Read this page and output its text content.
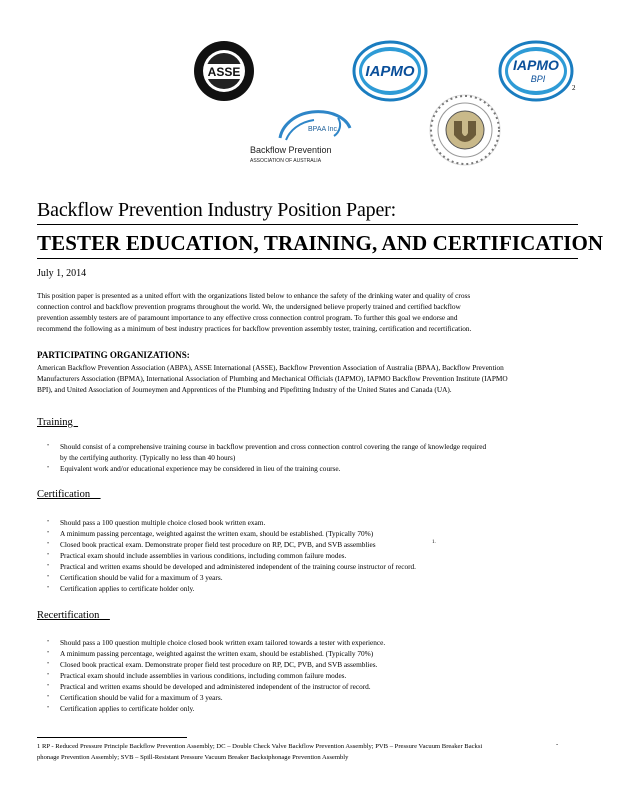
ASSE	IAPMO	IAPMO
BPI
2
BPAA Inc.
Backflow Prevention
ASSOCIATION OF AUSTRALIA
Backflow Prevention Industry Position Paper:
TESTER EDUCATION, TRAINING, AND CERTIFICATION
July 1, 2014

This position paper is presented as a united effort with the organizations listed below to enhance the safety of the drinking water and quality of cross

connection control and backflow prevention programs throughout the world. We, the undersigned believe properly trained and certified backflow

prevention assembly testers are of paramount importance to any effective cross connection control program. To further this goal we endorse and

recommend the following as a minimum of best industry practices for backflow prevention assembly tester, training, certification and recertification.

PARTICIPATING ORGANIZATIONS:

American Backflow Prevention Association (ABPA), ASSE International (ASSE), Backflow Prevention Association of Australia (BPAA), Backflow Prevention

Manufacturers Association (BPMA), International Association of Plumbing and Mechanical Officials (IAPMO), IAPMO Backflow Prevention Institute (IAPMO

BPI), and United Association of Journeymen and Apprentices of the Plumbing and Pipefitting Industry of the United States and Canada (UA).

Training
• Should consist of a comprehensive training course in backflow prevention and cross connection control covering the range of knowledge required
by the certifying authority. (Typically no less than 40 hours)
• Equivalent work and/or educational experience may be considered in lieu of the training course.
Certification
• Should pass a 100 question multiple choice closed book written exam.
• A minimum passing percentage, weighted against the written exam, should be established. (Typically 70%)
• Closed book practical exam. Demonstrate proper field test procedure on RP, DC, PVB, and SVB assemblies
• Practical exam should include assemblies in various conditions, including common failure modes.
• Practical and written exams should be developed and administered independent of the training course instructor of record.
• Certification should be valid for a maximum of 3 years.
• Certification applies to certificate holder only.
1.
Recertification
• Should pass a 100 question multiple choice closed book written exam tailored towards a tester with experience.
• A minimum passing percentage, weighted against the written exam, should be established. (Typically 70%)
• Closed book practical exam. Demonstrate proper field test procedure on RP, DC, PVB, and SVB assemblies.
• Practical exam should include assemblies in various conditions, including common failure modes.
• Practical and written exams should be developed and administered independent of the instructor of record.
• Certification should be valid for a maximum of 3 years.
• Certification applies to certificate holder only.

1 RP - Reduced Pressure Principle Backflow Prevention Assembly; DC – Double Check Valve Backflow Prevention Assembly; PVB – Pressure Vacuum Breaker Backsi

phonage Prevention Assembly; SVB – Spill-Resistant Pressure Vacuum Breaker Backsiphonage Prevention Assembly

-
